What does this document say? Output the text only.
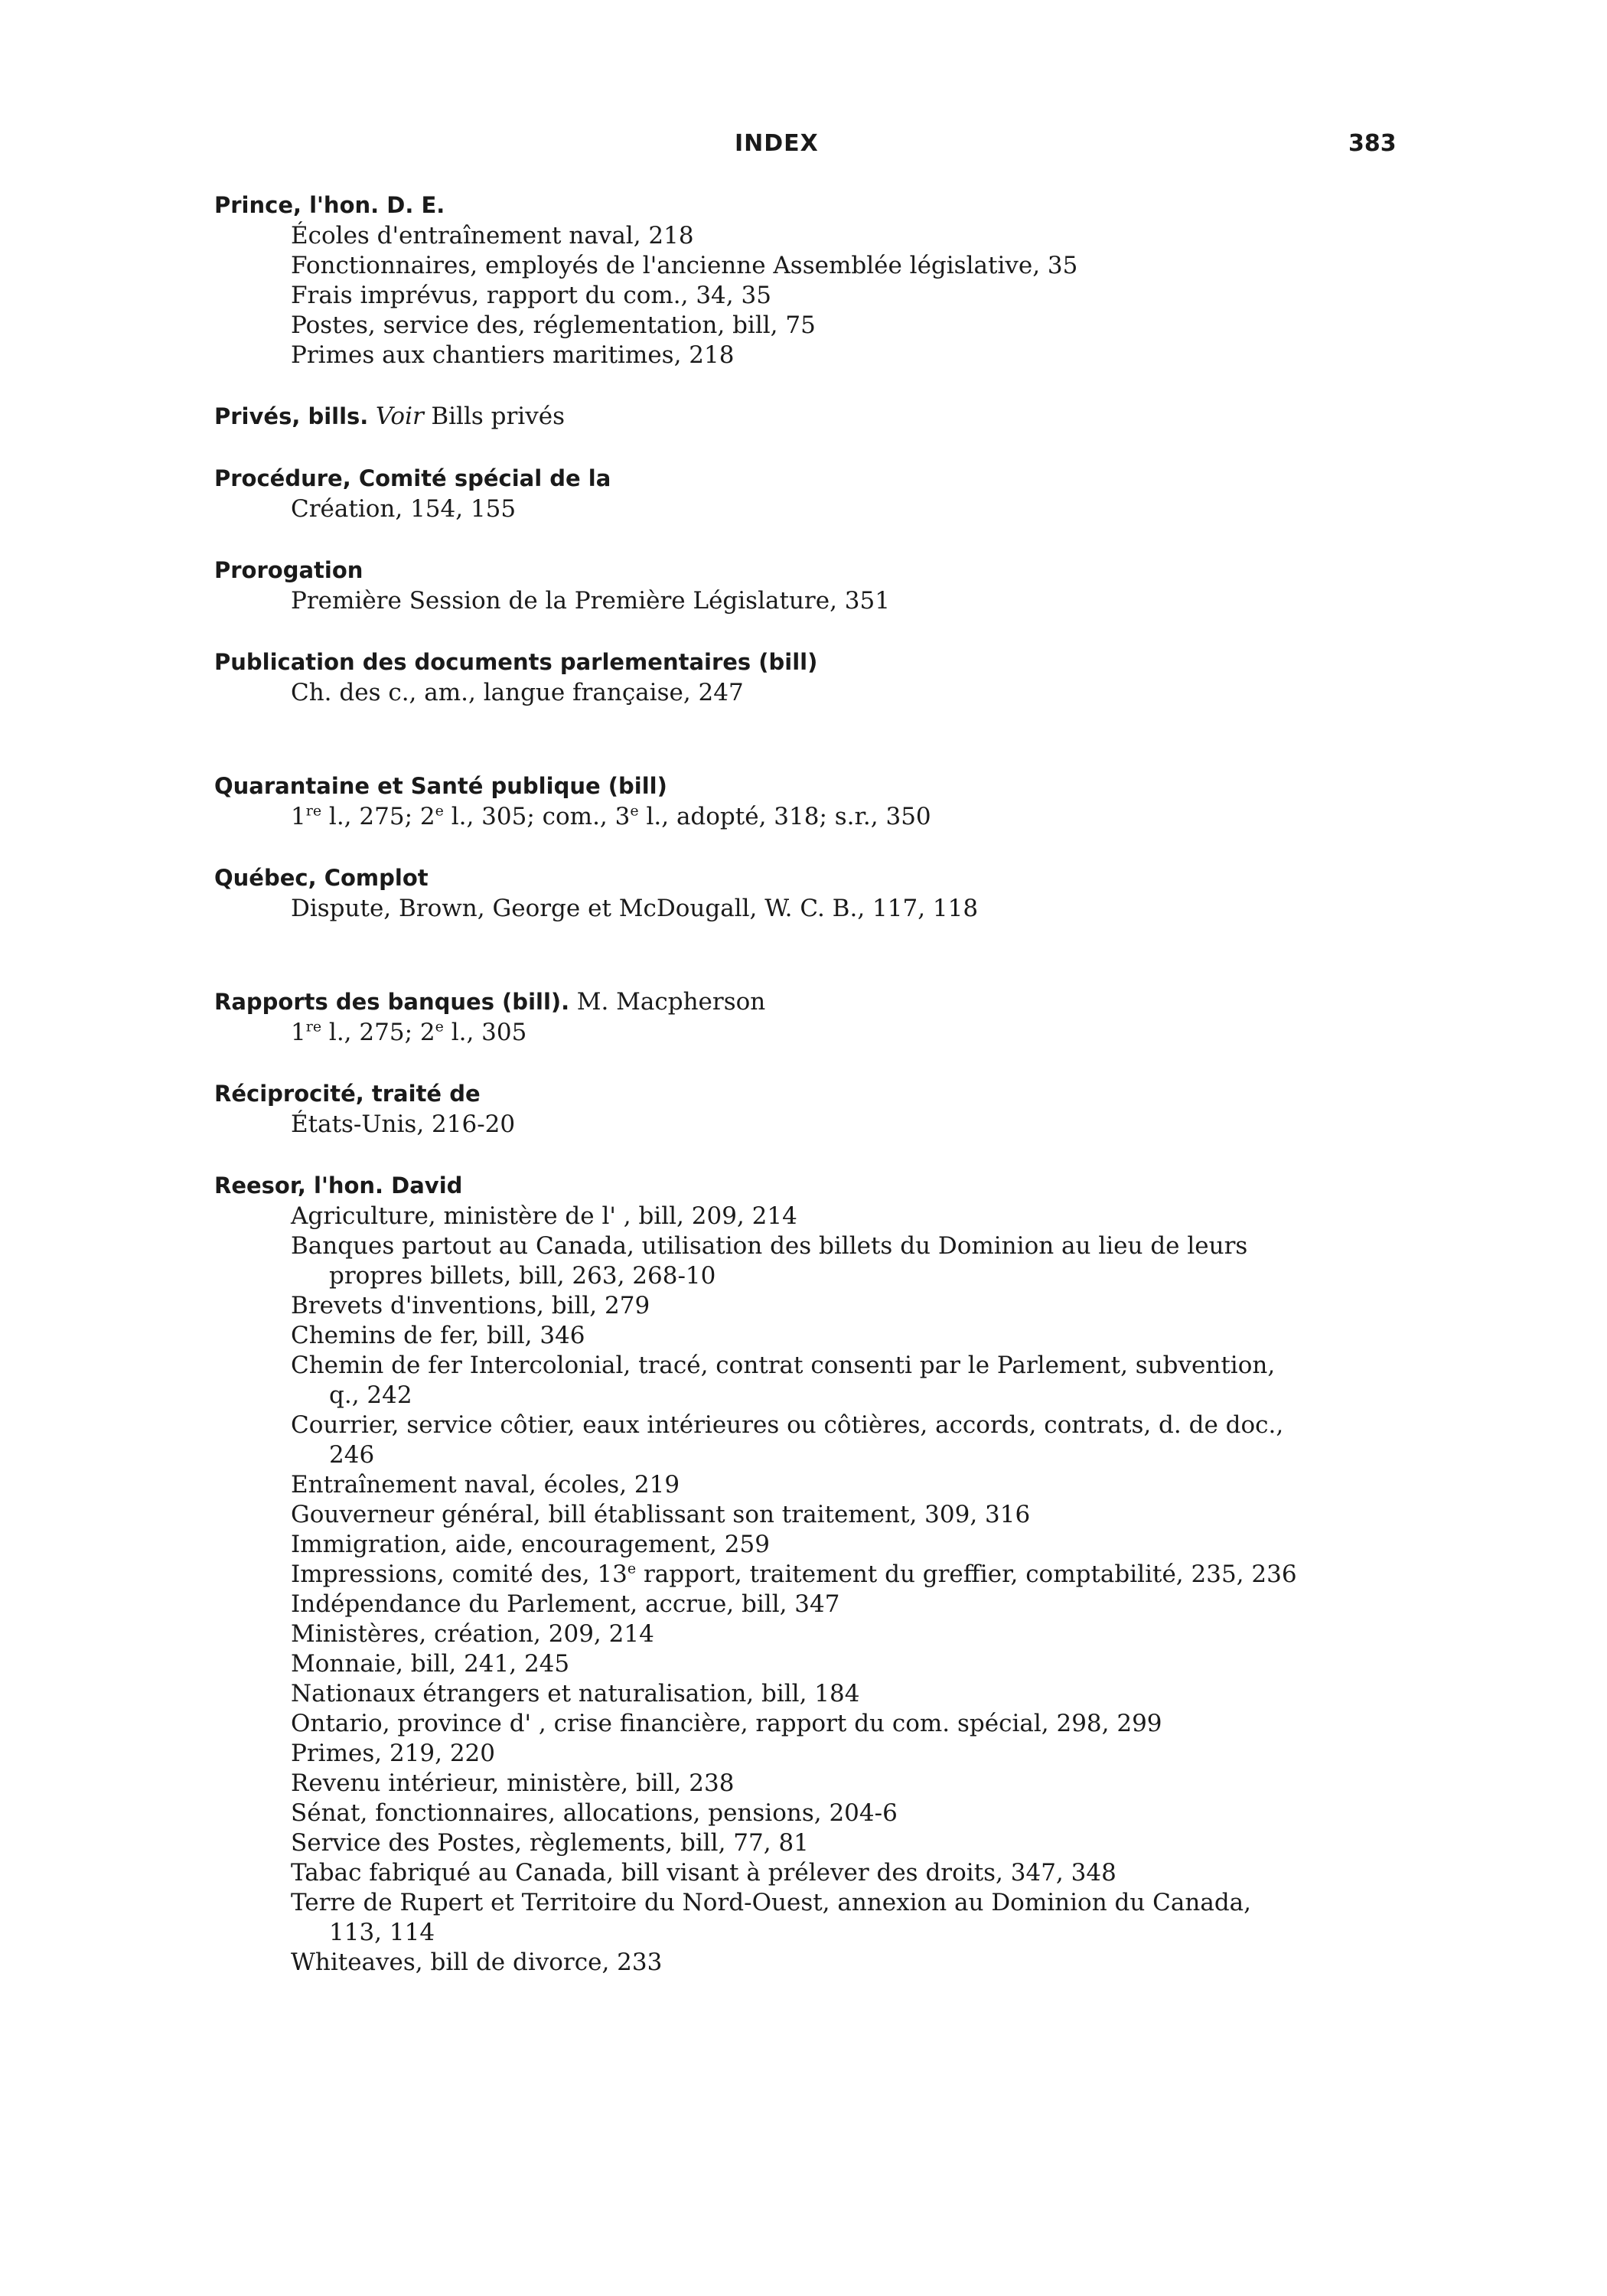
INDEX	383
Prince, l'hon. D. E.
Écoles d'entraînement naval, 218
Fonctionnaires, employés de l'ancienne Assemblée législative, 35
Frais imprévus, rapport du com., 34, 35
Postes, service des, réglementation, bill, 75
Primes aux chantiers maritimes, 218
Privés, bills. Voir Bills privés
Procédure, Comité spécial de la
Création, 154, 155
Prorogation
Première Session de la Première Législature, 351
Publication des documents parlementaires (bill)
Ch. des c., am., langue française, 247
Quarantaine et Santé publique (bill)
1re l., 275; 2e l., 305; com., 3e l., adopté, 318; s.r., 350
Québec, Complot
Dispute, Brown, George et McDougall, W. C. B., 117, 118
Rapports des banques (bill). M. Macpherson
1re l., 275; 2e l., 305
Réciprocité, traité de
États-Unis, 216-20
Reesor, l'hon. David
Agriculture, ministère de l' , bill, 209, 214
Banques partout au Canada, utilisation des billets du Dominion au lieu de leurs
propres billets, bill, 263, 268-10
Brevets d'inventions, bill, 279
Chemins de fer, bill, 346
Chemin de fer Intercolonial, tracé, contrat consenti par le Parlement, subvention,
q., 242
Courrier, service côtier, eaux intérieures ou côtières, accords, contrats, d. de doc.,
246
Entraînement naval, écoles, 219
Gouverneur général, bill établissant son traitement, 309, 316
Immigration, aide, encouragement, 259
Impressions, comité des, 13e rapport, traitement du greffier, comptabilité, 235, 236
Indépendance du Parlement, accrue, bill, 347
Ministères, création, 209, 214
Monnaie, bill, 241, 245
Nationaux étrangers et naturalisation, bill, 184
Ontario, province d' , crise financière, rapport du com. spécial, 298, 299
Primes, 219, 220
Revenu intérieur, ministère, bill, 238
Sénat, fonctionnaires, allocations, pensions, 204-6
Service des Postes, règlements, bill, 77, 81
Tabac fabriqué au Canada, bill visant à prélever des droits, 347, 348
Terre de Rupert et Territoire du Nord-Ouest, annexion au Dominion du Canada,
113, 114
Whiteaves, bill de divorce, 233
